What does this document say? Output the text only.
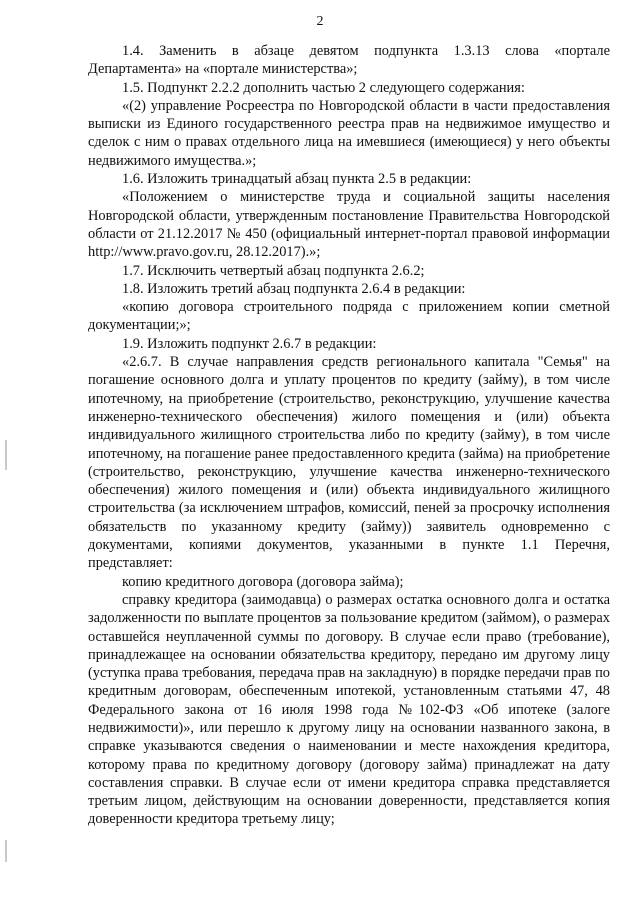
2

1.4. Заменить в абзаце девятом подпункта 1.3.13 слова «портале Департамента» на «портале министерства»;

1.5. Подпункт 2.2.2 дополнить частью 2 следующего содержания:

«(2) управление Росреестра по Новгородской области в части предоставления выписки из Единого государственного реестра прав на недвижимое имущество и сделок с ним о правах отдельного лица на имевшиеся (имеющиеся) у него объекты недвижимого имущества.»;

1.6. Изложить тринадцатый абзац пункта 2.5 в редакции:

«Положением о министерстве труда и социальной защиты населения Новгородской области, утвержденным постановление Правительства Новгородской области от 21.12.2017 № 450 (официальный интернет-портал правовой информации http://www.pravo.gov.ru, 28.12.2017).»;

1.7. Исключить четвертый абзац подпункта 2.6.2;

1.8. Изложить третий абзац подпункта 2.6.4 в редакции:

«копию договора строительного подряда с приложением копии сметной документации;»;

1.9. Изложить подпункт 2.6.7 в редакции:

«2.6.7. В случае направления средств регионального капитала "Семья" на погашение основного долга и уплату процентов по кредиту (займу), в том числе ипотечному, на приобретение (строительство, реконструкцию, улучшение качества инженерно-технического обеспечения) жилого помещения и (или) объекта индивидуального жилищного строительства либо по кредиту (займу), в том числе ипотечному, на погашение ранее предоставленного кредита (займа) на приобретение (строительство, реконструкцию, улучшение качества инженерно-технического обеспечения) жилого помещения и (или) объекта индивидуального жилищного строительства (за исключением штрафов, комиссий, пеней за просрочку исполнения обязательств по указанному кредиту (займу)) заявитель одновременно с документами, копиями документов, указанными в пункте 1.1 Перечня, представляет:

копию кредитного договора (договора займа);

справку кредитора (заимодавца) о размерах остатка основного долга и остатка задолженности по выплате процентов за пользование кредитом (займом), о размерах оставшейся неуплаченной суммы по договору. В случае если право (требование), принадлежащее на основании обязательства кредитору, передано им другому лицу (уступка права требования, передача прав на закладную) в порядке передачи прав по кредитным договорам, обеспеченным ипотекой, установленным статьями 47, 48 Федерального закона от 16 июля 1998 года №102-ФЗ «Об ипотеке (залоге недвижимости)», или перешло к другому лицу на основании названного закона, в справке указываются сведения о наименовании и месте нахождения кредитора, которому права по кредитному договору (договору займа) принадлежат на дату составления справки. В случае если от имени кредитора справка представляется третьим лицом, действующим на основании доверенности, представляется копия доверенности кредитора третьему лицу;
